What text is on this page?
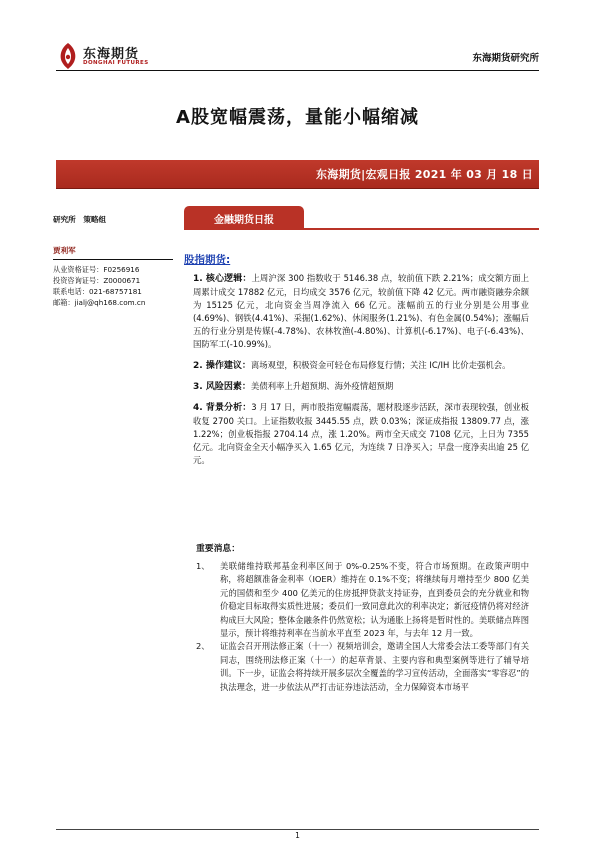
东海期货
DONGHAI FUTURES	东海期货研究所
A股宽幅震荡，量能小幅缩减
东海期货|宏观日报 2021 年 03 月 18 日
研究所　策略组
贾利军
从业资格证号：F0256916
投资咨询证号：Z0000671
联系电话：021-68757181
邮箱：jialj@qh168.com.cn
金融期货日报
股指期货:

1. 核心逻辑：上周沪深 300 指数收于 5146.38 点，较前值下跌 2.21%；成交额方面上周累计成交 17882 亿元，日均成交 3576 亿元，较前值下降 42 亿元。两市融资融券余额为 15125 亿元，北向资金当周净流入 66 亿元。涨幅前五的行业分别是公用事业(4.69%)、钢铁(4.41%)、采掘(1.62%)、休闲服务(1.21%)、有色金属(0.54%)；涨幅后五的行业分别是传媒(-4.78%)、农林牧渔(-4.80%)、计算机(-6.17%)、电子(-6.43%)、国防军工(-10.99%)。

2. 操作建议：离场观望，积极资金可轻仓布局修复行情；关注 IC/IH 比价走强机会。

3. 风险因素：美债利率上升超预期、海外疫情超预期

4. 背景分析：3 月 17 日，两市股指宽幅震荡，题材股逐步活跃，深市表现较强，创业板收复 2700 关口。上证指数收报 3445.55 点，跌 0.03%；深证成指报 13809.77 点，涨 1.22%；创业板指报 2704.14 点，涨 1.20%。两市全天成交 7108 亿元，上日为 7355 亿元。北向资金全天小幅净买入 1.65 亿元，为连续 7 日净买入；早盘一度净卖出逾 25 亿元。

重要消息：
1、 美联储维持联邦基金利率区间于 0%-0.25%不变，符合市场预期。在政策声明中称，将超额准备金利率（IOER）维持在 0.1%不变；将继续每月增持至少 800 亿美元的国债和至少 400 亿美元的住房抵押贷款支持证券，直到委员会的充分就业和物价稳定目标取得实质性进展；委员们一致同意此次的利率决定；新冠疫情仍将对经济构成巨大风险；整体金融条件仍然宽松；认为通胀上扬将是暂时性的。美联储点阵图显示，预计将维持利率在当前水平直至 2023 年，与去年 12 月一致。
2、 证监会召开刑法修正案（十一）视频培训会，邀请全国人大常委会法工委等部门有关同志，围绕刑法修正案（十一）的起草背景、主要内容和典型案例等进行了辅导培训。下一步，证监会将持续开展多层次全覆盖的学习宣传活动，全面落实“零容忍”的执法理念，进一步依法从严打击证券违法活动，全力保障资本市场平
1
